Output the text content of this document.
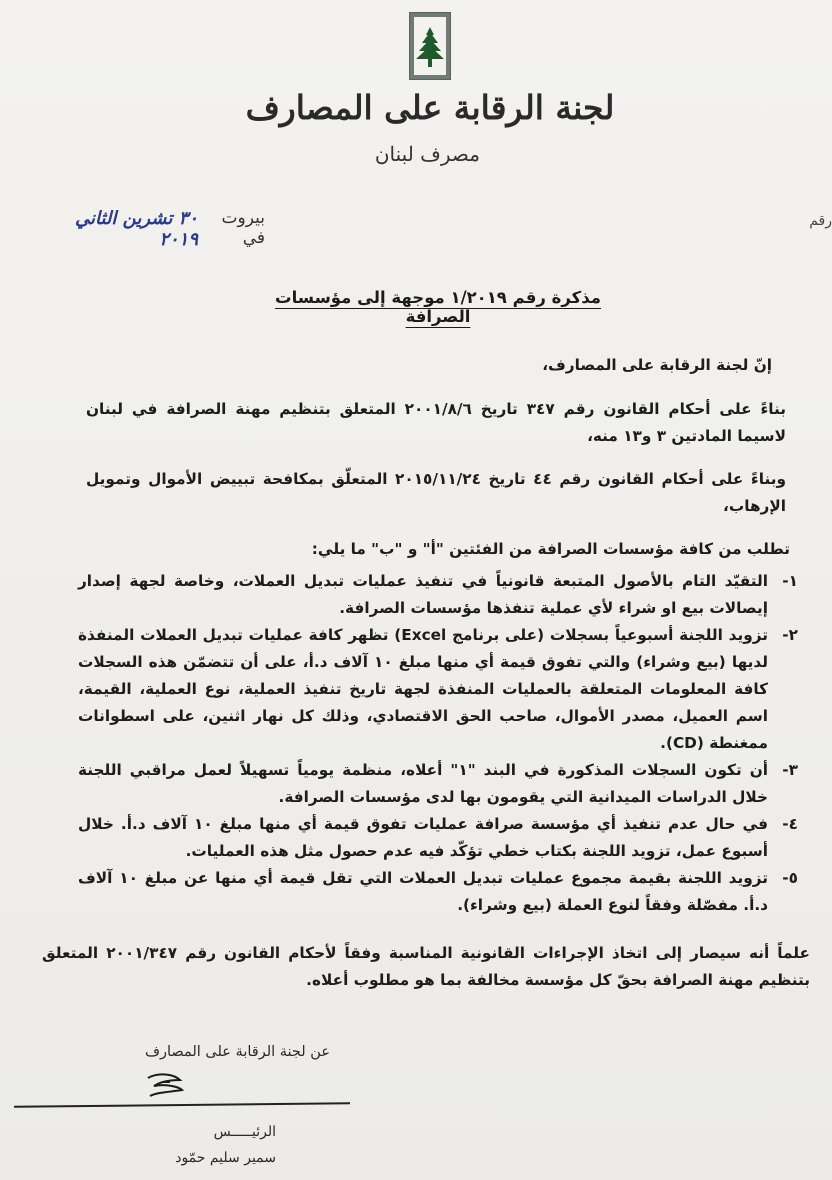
لجنة الرقابة على المصارف
مصرف لبنان
رقم
بيروت في
٣٠ تشرين الثاني ٢٠١٩
مذكرة رقم ١/٢٠١٩ موجهة إلى مؤسسات الصرافة
إنّ لجنة الرقابة على المصارف،
بناءً على أحكام القانون رقم ٣٤٧ تاريخ ٢٠٠١/٨/٦ المتعلق بتنظيم مهنة الصرافة في لبنان لاسيما المادتين ٣ و١٣ منه،
وبناءً على أحكام القانون رقم ٤٤ تاريخ ٢٠١٥/١١/٢٤ المتعلّق بمكافحة تبييض الأموال وتمويل الإرهاب،
تطلب من كافة مؤسسات الصرافة من الفئتين "أ" و "ب" ما يلي:
١-
التقيّد التام بالأصول المتبعة قانونياً في تنفيذ عمليات تبديل العملات، وخاصة لجهة إصدار إيصالات بيع او شراء لأي عملية تنفذها مؤسسات الصرافة.
٢-
تزويد اللجنة أسبوعياً بسجلات (على برنامج Excel) تظهر كافة عمليات تبديل العملات المنفذة لديها (بيع وشراء) والتي تفوق قيمة أي منها مبلغ ١٠ آلاف د.أ، على أن تتضمّن هذه السجلات كافة المعلومات المتعلقة بالعمليات المنفذة لجهة تاريخ تنفيذ العملية، نوع العملية، القيمة، اسم العميل، مصدر الأموال، صاحب الحق الاقتصادي، وذلك كل نهار اثنين، على اسطوانات ممغنطة (CD).
٣-
أن تكون السجلات المذكورة في البند "١" أعلاه، منظمة يومياً تسهيلاً لعمل مراقبي اللجنة خلال الدراسات الميدانية التي يقومون بها لدى مؤسسات الصرافة.
٤-
في حال عدم تنفيذ أي مؤسسة صرافة عمليات تفوق قيمة أي منها مبلغ ١٠ آلاف د.أ. خلال أسبوع عمل، تزويد اللجنة بكتاب خطي تؤكّد فيه عدم حصول مثل هذه العمليات.
٥-
تزويد اللجنة بقيمة مجموع عمليات تبديل العملات التي تقل قيمة أي منها عن مبلغ ١٠ آلاف د.أ. مفصّلة وفقاً لنوع العملة (بيع وشراء).
علماً أنه سيصار إلى اتخاذ الإجراءات القانونية المناسبة وفقاً لأحكام القانون رقم ٢٠٠١/٣٤٧ المتعلق بتنظيم مهنة الصرافة بحقّ كل مؤسسة مخالفة بما هو مطلوب أعلاه.
عن لجنة الرقابة على المصارف
الرئيـــــس
سمير سليم حمّود
